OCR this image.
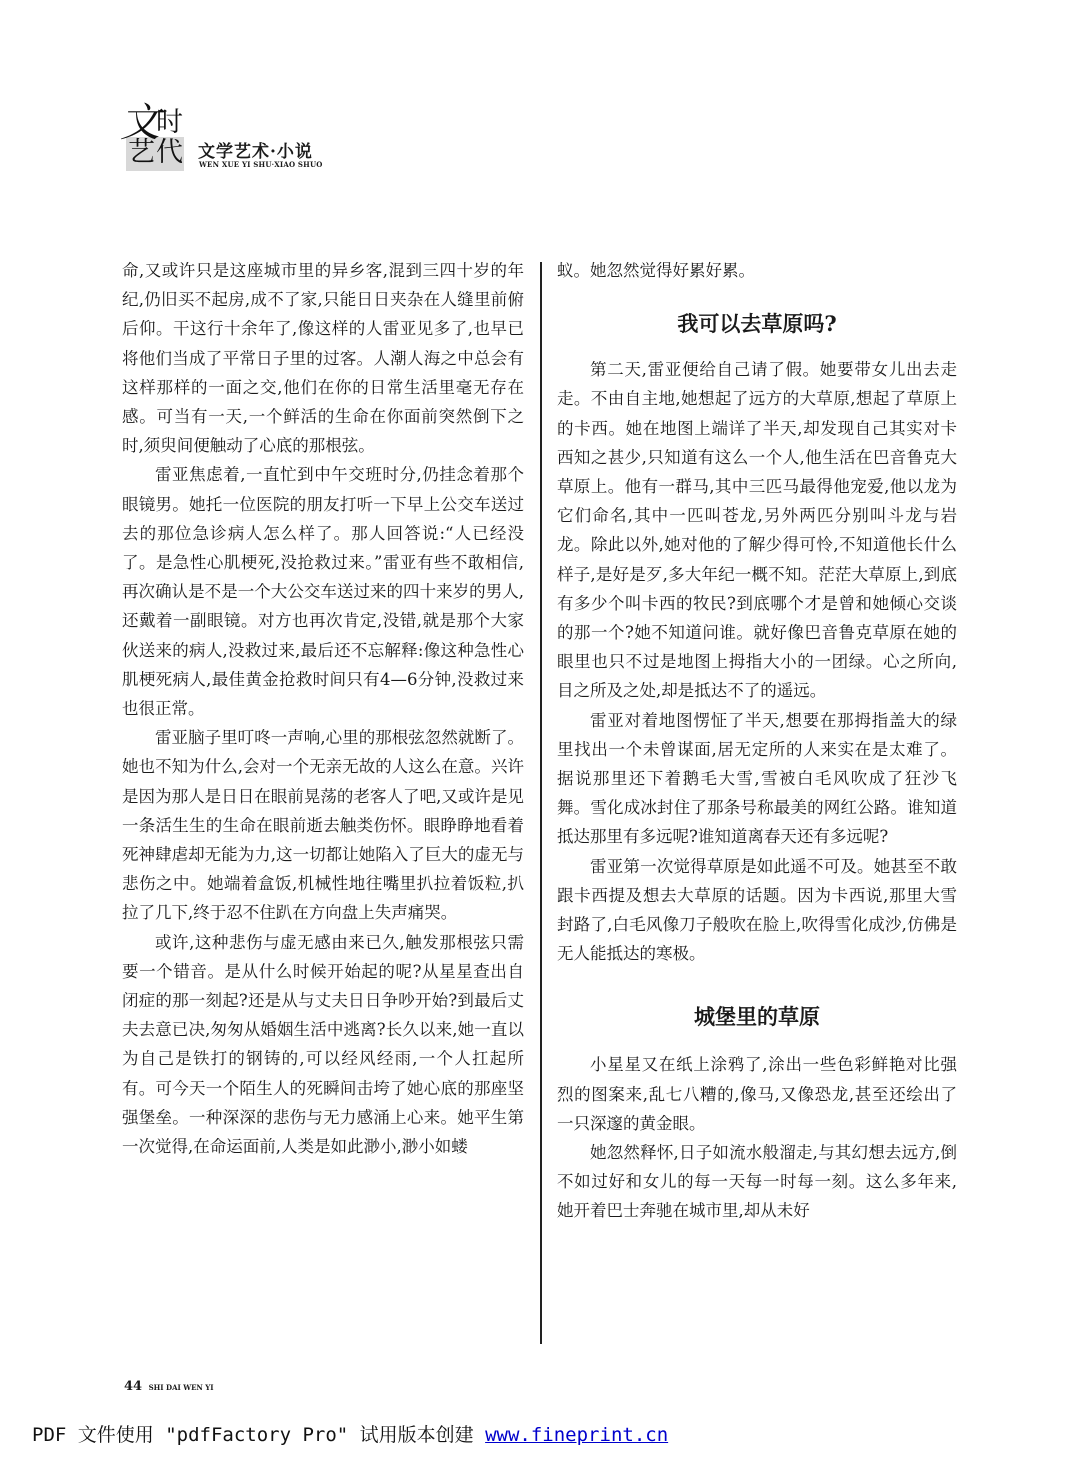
文
时
艺 代 文学艺术·小说
WEN XUE YI SHU·XIAO SHUO

命,又或许只是这座城市里的异乡客,混到三四十岁的年纪,仍旧买不起房,成不了家,只能日日夹杂在人缝里前俯后仰。干这行十余年了,像这样的人雷亚见多了,也早已将他们当成了平常日子里的过客。人潮人海之中总会有这样那样的一面之交,他们在你的日常生活里毫无存在感。可当有一天,一个鲜活的生命在你面前突然倒下之时,须臾间便触动了心底的那根弦。

雷亚焦虑着,一直忙到中午交班时分,仍挂念着那个眼镜男。她托一位医院的朋友打听一下早上公交车送过去的那位急诊病人怎么样了。那人回答说:“人已经没了。是急性心肌梗死,没抢救过来。”雷亚有些不敢相信,再次确认是不是一个大公交车送过来的四十来岁的男人,还戴着一副眼镜。对方也再次肯定,没错,就是那个大家伙送来的病人,没救过来,最后还不忘解释:像这种急性心肌梗死病人,最佳黄金抢救时间只有4—6分钟,没救过来也很正常。

雷亚脑子里叮咚一声响,心里的那根弦忽然就断了。她也不知为什么,会对一个无亲无故的人这么在意。兴许是因为那人是日日在眼前晃荡的老客人了吧,又或许是见一条活生生的生命在眼前逝去触类伤怀。眼睁睁地看着死神肆虐却无能为力,这一切都让她陷入了巨大的虚无与悲伤之中。她端着盒饭,机械性地往嘴里扒拉着饭粒,扒拉了几下,终于忍不住趴在方向盘上失声痛哭。

或许,这种悲伤与虚无感由来已久,触发那根弦只需要一个错音。是从什么时候开始起的呢?从星星查出自闭症的那一刻起?还是从与丈夫日日争吵开始?到最后丈夫去意已决,匆匆从婚姻生活中逃离?长久以来,她一直以为自己是铁打的钢铸的,可以经风经雨,一个人扛起所有。可今天一个陌生人的死瞬间击垮了她心底的那座坚强堡垒。一种深深的悲伤与无力感涌上心来。她平生第一次觉得,在命运面前,人类是如此渺小,渺小如蝼

蚁。她忽然觉得好累好累。

我可以去草原吗?

第二天,雷亚便给自己请了假。她要带女儿出去走走。不由自主地,她想起了远方的大草原,想起了草原上的卡西。她在地图上端详了半天,却发现自己其实对卡西知之甚少,只知道有这么一个人,他生活在巴音鲁克大草原上。他有一群马,其中三匹马最得他宠爱,他以龙为它们命名,其中一匹叫苍龙,另外两匹分别叫斗龙与岩龙。除此以外,她对他的了解少得可怜,不知道他长什么样子,是好是歹,多大年纪一概不知。茫茫大草原上,到底有多少个叫卡西的牧民?到底哪个才是曾和她倾心交谈的那一个?她不知道问谁。就好像巴音鲁克草原在她的眼里也只不过是地图上拇指大小的一团绿。心之所向,目之所及之处,却是抵达不了的遥远。

雷亚对着地图愣怔了半天,想要在那拇指盖大的绿里找出一个未曾谋面,居无定所的人来实在是太难了。据说那里还下着鹅毛大雪,雪被白毛风吹成了狂沙飞舞。雪化成冰封住了那条号称最美的网红公路。谁知道抵达那里有多远呢?谁知道离春天还有多远呢?

雷亚第一次觉得草原是如此遥不可及。她甚至不敢跟卡西提及想去大草原的话题。因为卡西说,那里大雪封路了,白毛风像刀子般吹在脸上,吹得雪化成沙,仿佛是无人能抵达的寒极。

城堡里的草原

小星星又在纸上涂鸦了,涂出一些色彩鲜艳对比强烈的图案来,乱七八糟的,像马,又像恐龙,甚至还绘出了一只深邃的黄金眼。

她忽然释怀,日子如流水般溜走,与其幻想去远方,倒不如过好和女儿的每一天每一时每一刻。这么多年来,她开着巴士奔驰在城市里,却从未好

44 SHI DAI WEN YI
PDF 文件使用 "pdfFactory Pro" 试用版本创建 www.fineprint.cn
